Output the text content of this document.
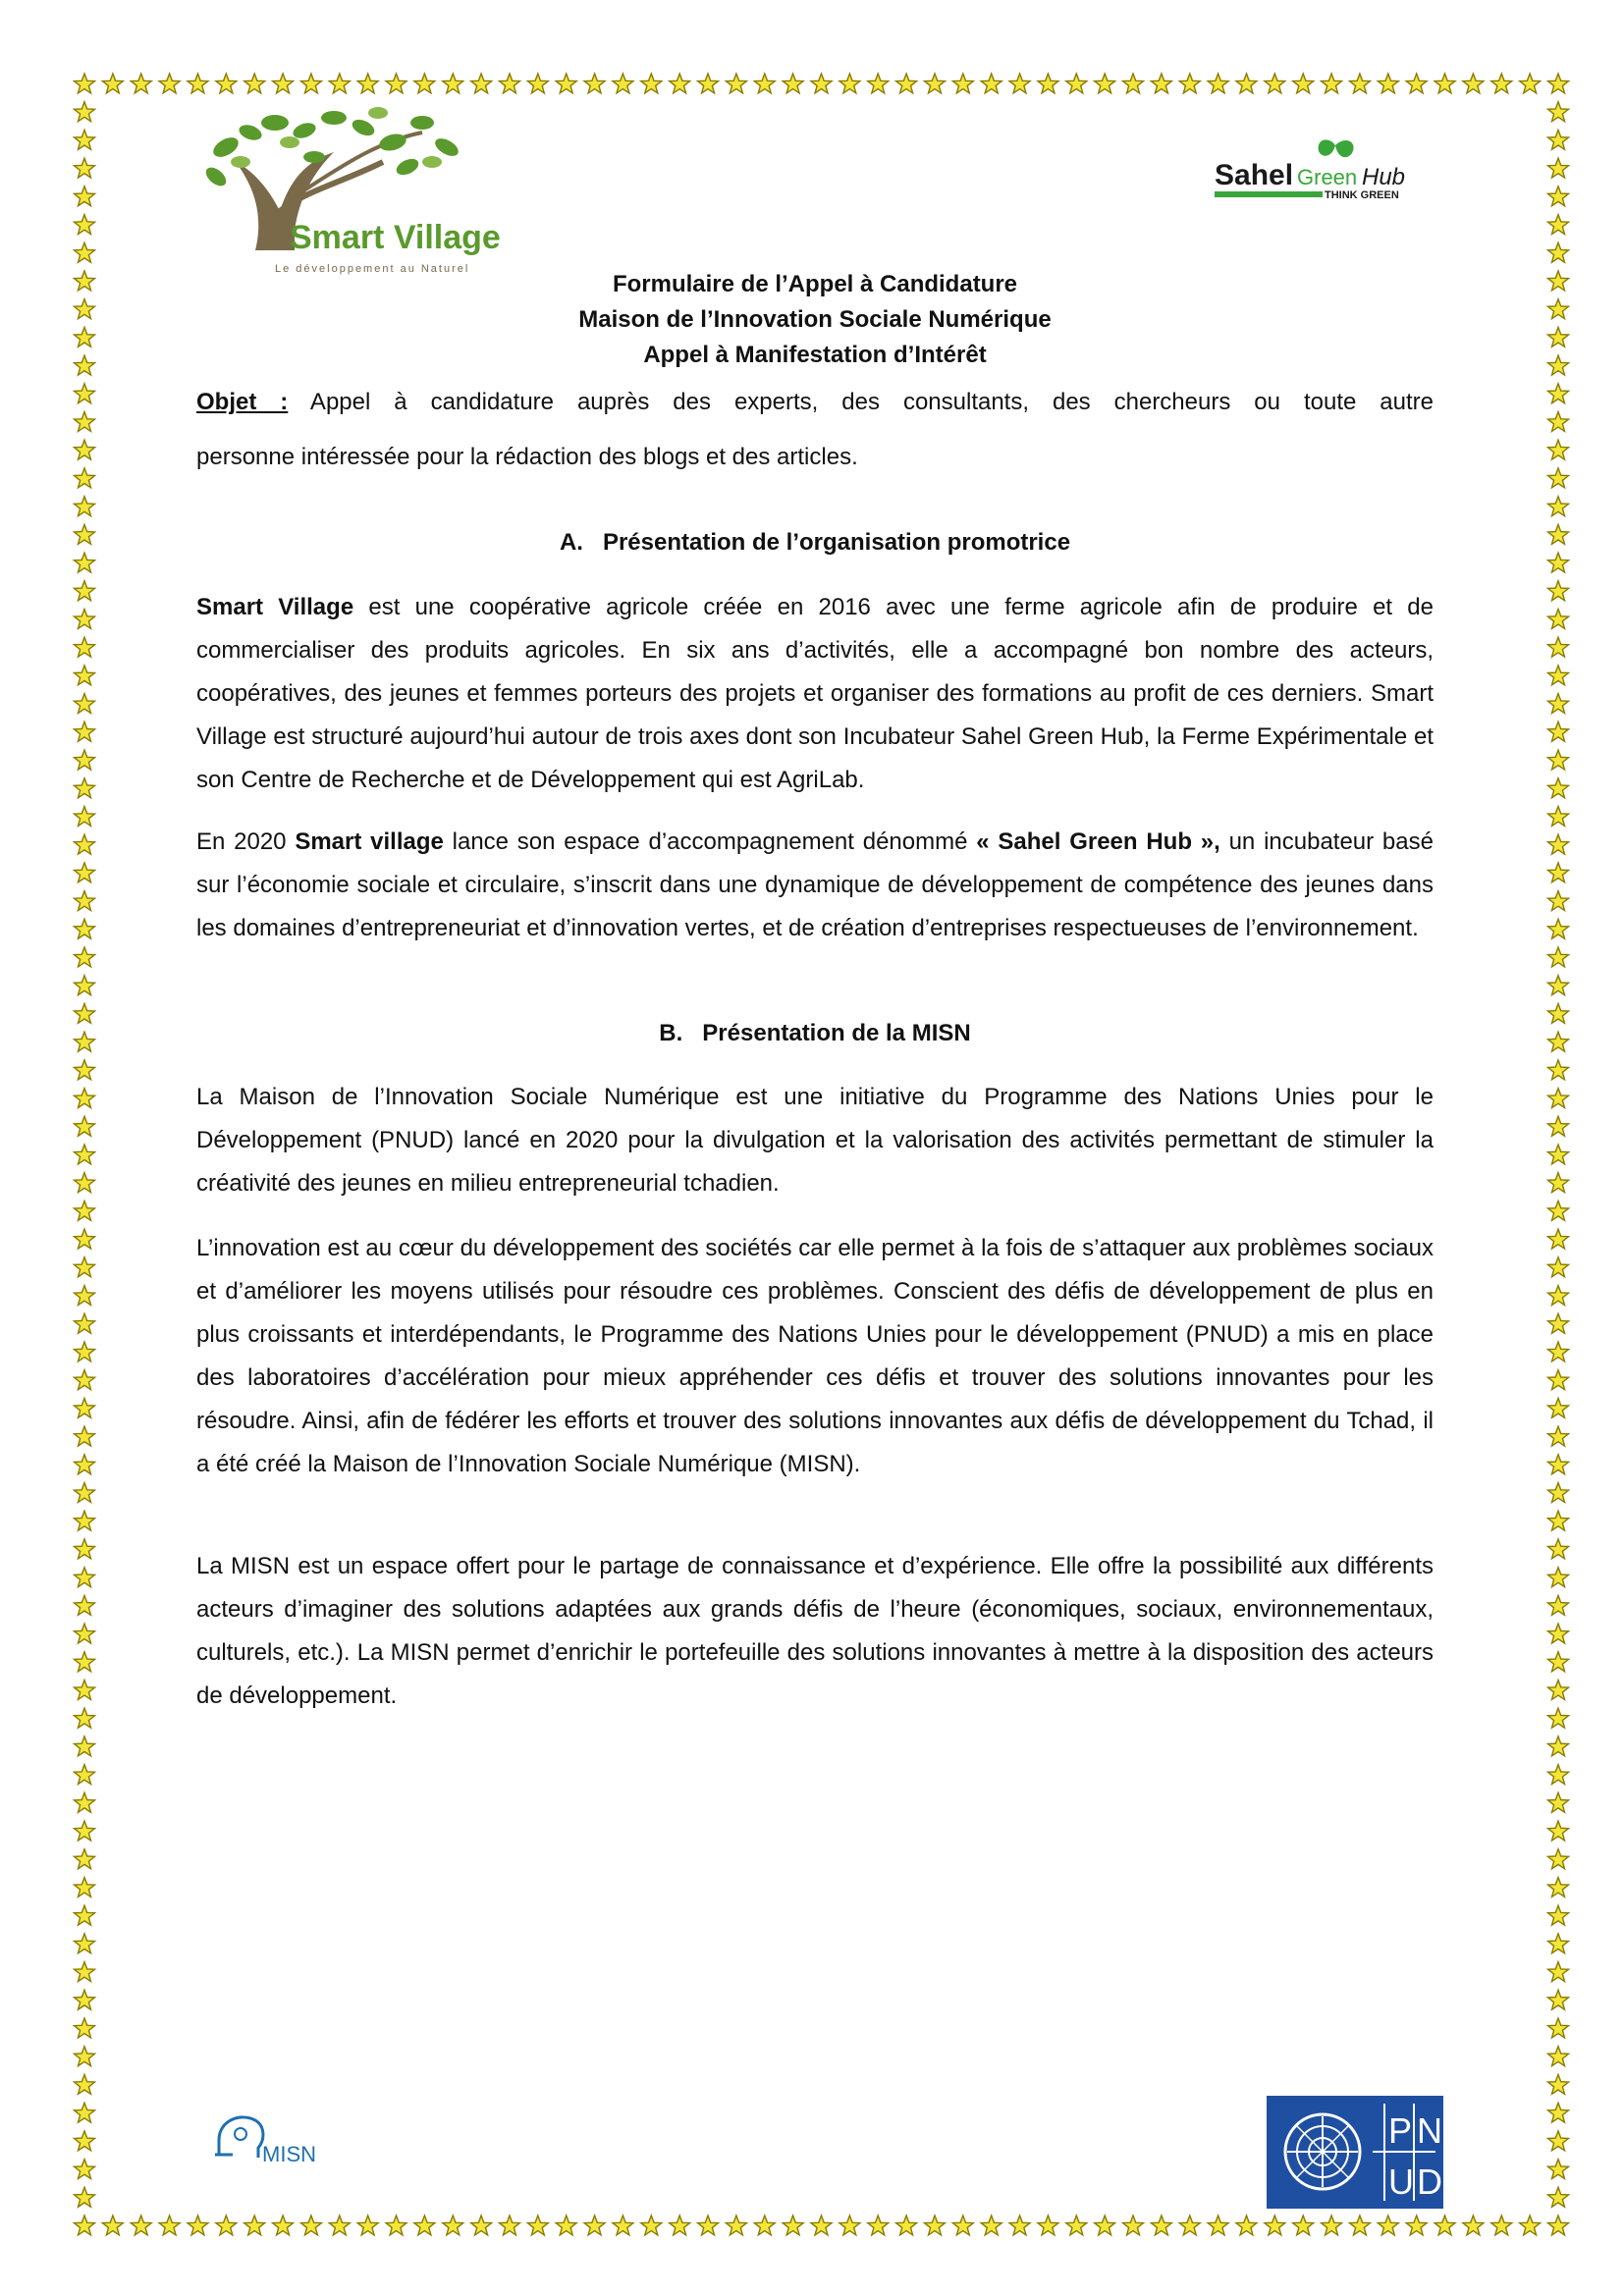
Smart Village
Le développement au Naturel
Sahel Green Hub
THINK GREEN
Formulaire de l’Appel à Candidature
Maison de l’Innovation Sociale Numérique
Appel à Manifestation d’Intérêt
Objet : Appel à candidature auprès des experts, des consultants, des chercheurs ou toute autre
personne intéressée pour la rédaction des blogs et des articles.
A.   Présentation de l’organisation promotrice
Smart Village est une coopérative agricole créée en 2016 avec une ferme agricole afin de produire et de commercialiser des produits agricoles. En six ans d’activités, elle a accompagné bon nombre des acteurs, coopératives, des jeunes et femmes porteurs des projets et organiser des formations au profit de ces derniers. Smart Village est structuré aujourd’hui autour de trois axes dont son Incubateur Sahel Green Hub, la Ferme Expérimentale et son Centre de Recherche et de Développement qui est AgriLab.
En 2020 Smart village lance son espace d’accompagnement dénommé « Sahel Green Hub », un incubateur basé sur l’économie sociale et circulaire, s’inscrit dans une dynamique de développement de compétence des jeunes dans les domaines d’entrepreneuriat et d’innovation vertes, et de création d’entreprises respectueuses de l’environnement.
B.   Présentation de la MISN
La Maison de l’Innovation Sociale Numérique est une initiative du Programme des Nations Unies pour le Développement (PNUD) lancé en 2020 pour la divulgation et la valorisation des activités permettant de stimuler la créativité des jeunes en milieu entrepreneurial tchadien.
L’innovation est au cœur du développement des sociétés car elle permet à la fois de s’attaquer aux problèmes sociaux et d’améliorer les moyens utilisés pour résoudre ces problèmes. Conscient des défis de développement de plus en plus croissants et interdépendants, le Programme des Nations Unies pour le développement (PNUD) a mis en place des laboratoires d’accélération pour mieux appréhender ces défis et trouver des solutions innovantes pour les résoudre. Ainsi, afin de fédérer les efforts et trouver des solutions innovantes aux défis de développement du Tchad, il a été créé la Maison de l’Innovation Sociale Numérique (MISN).
La MISN est un espace offert pour le partage de connaissance et d’expérience. Elle offre la possibilité aux différents acteurs d’imaginer des solutions adaptées aux grands défis de l’heure (économiques, sociaux, environnementaux, culturels, etc.). La MISN permet d’enrichir le portefeuille des solutions innovantes à mettre à la disposition des acteurs de développement.
MISN
P N
U D
